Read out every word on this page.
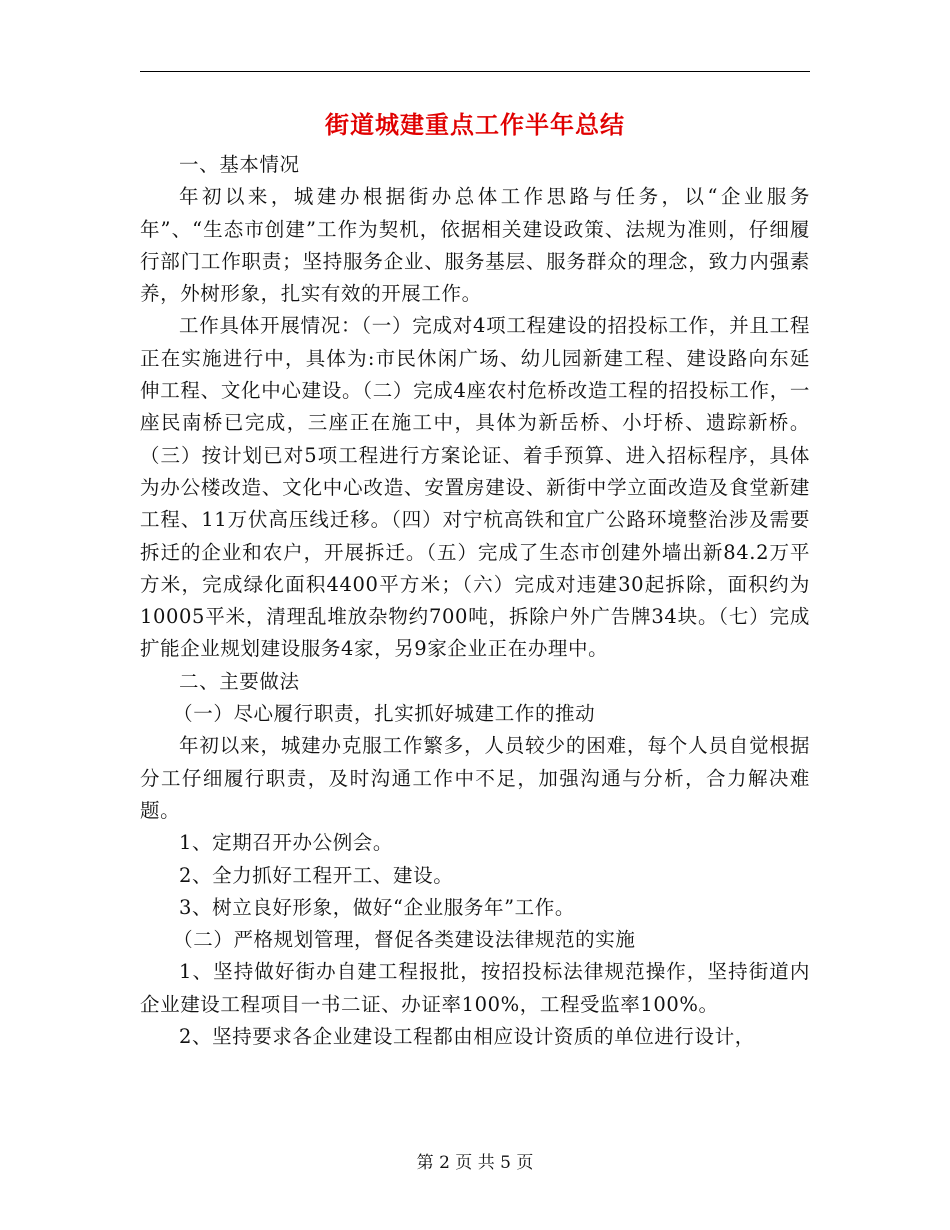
街道城建重点工作半年总结

一、基本情况

年初以来，城建办根据街办总体工作思路与任务，以“企业服务年”、“生态市创建”工作为契机，依据相关建设政策、法规为准则，仔细履行部门工作职责；坚持服务企业、服务基层、服务群众的理念，致力内强素养，外树形象，扎实有效的开展工作。

工作具体开展情况：（一）完成对4项工程建设的招投标工作，并且工程正在实施进行中，具体为:市民休闲广场、幼儿园新建工程、建设路向东延伸工程、文化中心建设。（二）完成4座农村危桥改造工程的招投标工作，一座民南桥已完成，三座正在施工中，具体为新岳桥、小圩桥、遗踪新桥。（三）按计划已对5项工程进行方案论证、着手预算、进入招标程序，具体为办公楼改造、文化中心改造、安置房建设、新街中学立面改造及食堂新建工程、11万伏高压线迁移。（四）对宁杭高铁和宜广公路环境整治涉及需要拆迁的企业和农户，开展拆迁。（五）完成了生态市创建外墙出新84.2万平方米，完成绿化面积4400平方米；（六）完成对违建30起拆除，面积约为10005平米，清理乱堆放杂物约700吨，拆除户外广告牌34块。（七）完成扩能企业规划建设服务4家，另9家企业正在办理中。

二、主要做法

（一）尽心履行职责，扎实抓好城建工作的推动

年初以来，城建办克服工作繁多，人员较少的困难，每个人员自觉根据分工仔细履行职责，及时沟通工作中不足，加强沟通与分析，合力解决难题。

1、定期召开办公例会。

2、全力抓好工程开工、建设。

3、树立良好形象，做好“企业服务年”工作。

（二）严格规划管理，督促各类建设法律规范的实施

1、坚持做好街办自建工程报批，按招投标法律规范操作，坚持街道内企业建设工程项目一书二证、办证率100%，工程受监率100%。

2、坚持要求各企业建设工程都由相应设计资质的单位进行设计，

第 2 页 共 5 页
